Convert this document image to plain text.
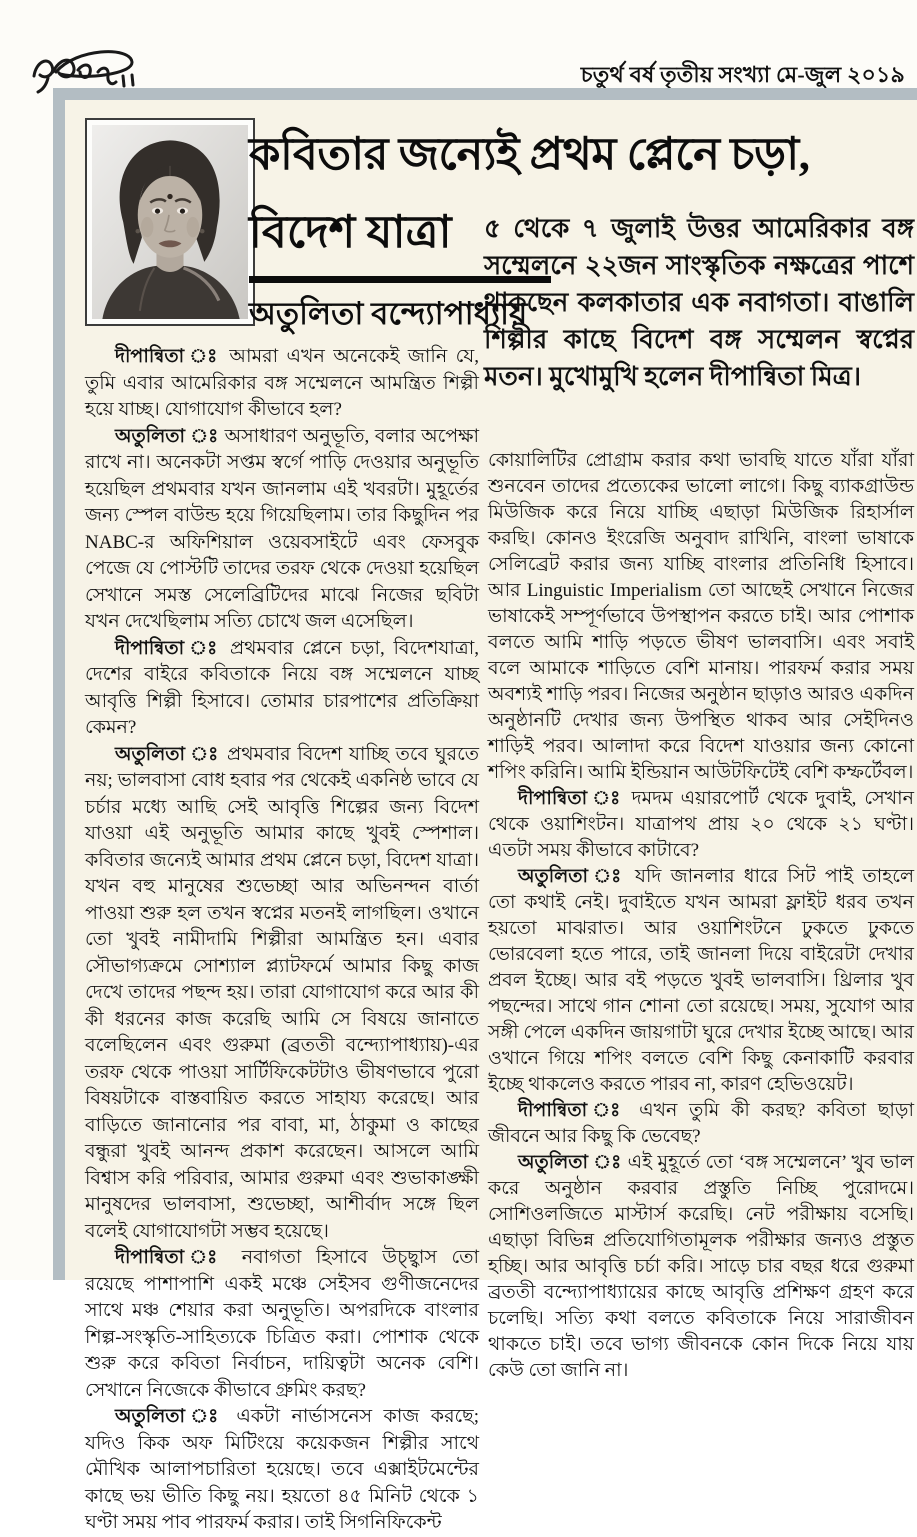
চতুর্থ বর্ষ তৃতীয় সংখ্যা মে-জুল ২০১৯
কবিতার জন্যেই প্রথম প্লেনে চড়া,
বিদেশ যাত্রা
অতুলিতা বন্দ্যোপাধ্যায়
৫ থেকে ৭ জুলাই উত্তর আমেরিকার বঙ্গ সম্মেলনে ২২জন সাংস্কৃতিক নক্ষত্রের পাশে থাকছেন কলকাতার এক নবাগতা। বাঙালি শিল্পীর কাছে বিদেশ বঙ্গ সম্মেলন স্বপ্নের মতন। মুখোমুখি হলেন দীপান্বিতা মিত্র।

দীপান্বিতা ঃ আমরা এখন অনেকেই জানি যে, তুমি এবার আমেরিকার বঙ্গ সম্মেলনে আমন্ত্রিত শিল্পী হয়ে যাচ্ছ। যোগাযোগ কীভাবে হল?

অতুলিতা ঃ অসাধারণ অনুভূতি, বলার অপেক্ষা রাখে না। অনেকটা সপ্তম স্বর্গে পাড়ি দেওয়ার অনুভূতি হয়েছিল প্রথমবার যখন জানলাম এই খবরটা। মুহূর্তের জন্য স্পেল বাউন্ড হয়ে গিয়েছিলাম। তার কিছুদিন পর NABC-র অফিশিয়াল ওয়েবসাইটে এবং ফেসবুক পেজে যে পোস্টটি তাদের তরফ থেকে দেওয়া হয়েছিল সেখানে সমস্ত সেলেব্রিটিদের মাঝে নিজের ছবিটা যখন দেখেছিলাম সত্যি চোখে জল এসেছিল।

দীপান্বিতা ঃ প্রথমবার প্লেনে চড়া, বিদেশযাত্রা, দেশের বাইরে কবিতাকে নিয়ে বঙ্গ সম্মেলনে যাচ্ছ আবৃত্তি শিল্পী হিসাবে। তোমার চারপাশের প্রতিক্রিয়া কেমন?

অতুলিতা ঃ প্রথমবার বিদেশ যাচ্ছি তবে ঘুরতে নয়; ভালবাসা বোধ হবার পর থেকেই একনিষ্ঠ ভাবে যে চর্চার মধ্যে আছি সেই আবৃত্তি শিল্পের জন্য বিদেশ যাওয়া এই অনুভূতি আমার কাছে খুবই স্পেশাল। কবিতার জন্যেই আমার প্রথম প্লেনে চড়া, বিদেশ যাত্রা। যখন বহু মানুষের শুভেচ্ছা আর অভিনন্দন বার্তা পাওয়া শুরু হল তখন স্বপ্নের মতনই লাগছিল। ওখানে তো খুবই নামীদামি শিল্পীরা আমন্ত্রিত হন। এবার সৌভাগ্যক্রমে সোশ্যাল প্ল্যাটফর্মে আমার কিছু কাজ দেখে তাদের পছন্দ হয়। তারা যোগাযোগ করে আর কী কী ধরনের কাজ করেছি আমি সে বিষয়ে জানাতে বলেছিলেন এবং গুরুমা (ব্রততী বন্দ্যোপাধ্যায়)-এর তরফ থেকে পাওয়া সার্টিফিকেটটাও ভীষণভাবে পুরো বিষয়টাকে বাস্তবায়িত করতে সাহায্য করেছে। আর বাড়িতে জানানোর পর বাবা, মা, ঠাকুমা ও কাছের বন্ধুরা খুবই আনন্দ প্রকাশ করেছেন। আসলে আমি বিশ্বাস করি পরিবার, আমার গুরুমা এবং শুভাকাঙ্ক্ষী মানুষদের ভালবাসা, শুভেচ্ছা, আশীর্বাদ সঙ্গে ছিল বলেই যোগাযোগটা সম্ভব হয়েছে।

দীপান্বিতা ঃ নবাগতা হিসাবে উচ্ছ্বাস তো রয়েছে পাশাপাশি একই মঞ্চে সেইসব গুণীজনেদের সাথে মঞ্চ শেয়ার করা অনুভূতি। অপরদিকে বাংলার শিল্প-সংস্কৃতি-সাহিত্যকে চিত্রিত করা। পোশাক থেকে শুরু করে কবিতা নির্বাচন, দায়িত্বটা অনেক বেশি। সেখানে নিজেকে কীভাবে গ্রুমিং করছ?

অতুলিতা ঃ একটা নার্ভাসনেস কাজ করছে; যদিও কিক অফ মিটিংয়ে কয়েকজন শিল্পীর সাথে মৌখিক আলাপচারিতা হয়েছে। তবে এক্সাইটমেন্টের কাছে ভয় ভীতি কিছু নয়। হয়তো ৪৫ মিনিট থেকে ১ ঘণ্টা সময় পাব পারফর্ম করার। তাই সিগনিফিকেন্ট

কোয়ালিটির প্রোগ্রাম করার কথা ভাবছি যাতে যাঁরা যাঁরা শুনবেন তাদের প্রত্যেকের ভালো লাগে। কিছু ব্যাকগ্রাউন্ড মিউজিক করে নিয়ে যাচ্ছি এছাড়া মিউজিক রিহার্সাল করছি। কোনও ইংরেজি অনুবাদ রাখিনি, বাংলা ভাষাকে সেলিব্রেট করার জন্য যাচ্ছি বাংলার প্রতিনিধি হিসাবে। আর Linguistic Imperialism তো আছেই সেখানে নিজের ভাষাকেই সম্পূর্ণভাবে উপস্থাপন করতে চাই। আর পোশাক বলতে আমি শাড়ি পড়তে ভীষণ ভালবাসি। এবং সবাই বলে আমাকে শাড়িতে বেশি মানায়। পারফর্ম করার সময় অবশ্যই শাড়ি পরব। নিজের অনুষ্ঠান ছাড়াও আরও একদিন অনুষ্ঠানটি দেখার জন্য উপস্থিত থাকব আর সেইদিনও শাড়িই পরব। আলাদা করে বিদেশ যাওয়ার জন্য কোনো শপিং করিনি। আমি ইন্ডিয়ান আউটফিটেই বেশি কম্ফর্টেবল।

দীপান্বিতা ঃ দমদম এয়ারপোর্ট থেকে দুবাই, সেখান থেকে ওয়াশিংটন। যাত্রাপথ প্রায় ২০ থেকে ২১ ঘণ্টা। এতটা সময় কীভাবে কাটাবে?

অতুলিতা ঃ যদি জানলার ধারে সিট পাই তাহলে তো কথাই নেই। দুবাইতে যখন আমরা ফ্লাইট ধরব তখন হয়তো মাঝরাত। আর ওয়াশিংটনে ঢুকতে ঢুকতে ভোরবেলা হতে পারে, তাই জানলা দিয়ে বাইরেটা দেখার প্রবল ইচ্ছে। আর বই পড়তে খুবই ভালবাসি। থ্রিলার খুব পছন্দের। সাথে গান শোনা তো রয়েছে। সময়, সুযোগ আর সঙ্গী পেলে একদিন জায়গাটা ঘুরে দেখার ইচ্ছে আছে। আর ওখানে গিয়ে শপিং বলতে বেশি কিছু কেনাকাটি করবার ইচ্ছে থাকলেও করতে পারব না, কারণ হেভিওয়েট।

দীপান্বিতা ঃ এখন তুমি কী করছ? কবিতা ছাড়া জীবনে আর কিছু কি ভেবেছ?

অতুলিতা ঃ এই মুহূর্তে তো ‘বঙ্গ সম্মেলনে’ খুব ভাল করে অনুষ্ঠান করবার প্রস্তুতি নিচ্ছি পুরোদমে। সোশিওলজিতে মাস্টার্স করেছি। নেট পরীক্ষায় বসেছি। এছাড়া বিভিন্ন প্রতিযোগিতামূলক পরীক্ষার জন্যও প্রস্তুত হচ্ছি। আর আবৃত্তি চর্চা করি। সাড়ে চার বছর ধরে গুরুমা ব্রততী বন্দ্যোপাধ্যায়ের কাছে আবৃত্তি প্রশিক্ষণ গ্রহণ করে চলেছি। সত্যি কথা বলতে কবিতাকে নিয়ে সারাজীবন থাকতে চাই। তবে ভাগ্য জীবনকে কোন দিকে নিয়ে যায় কেউ তো জানি না।
